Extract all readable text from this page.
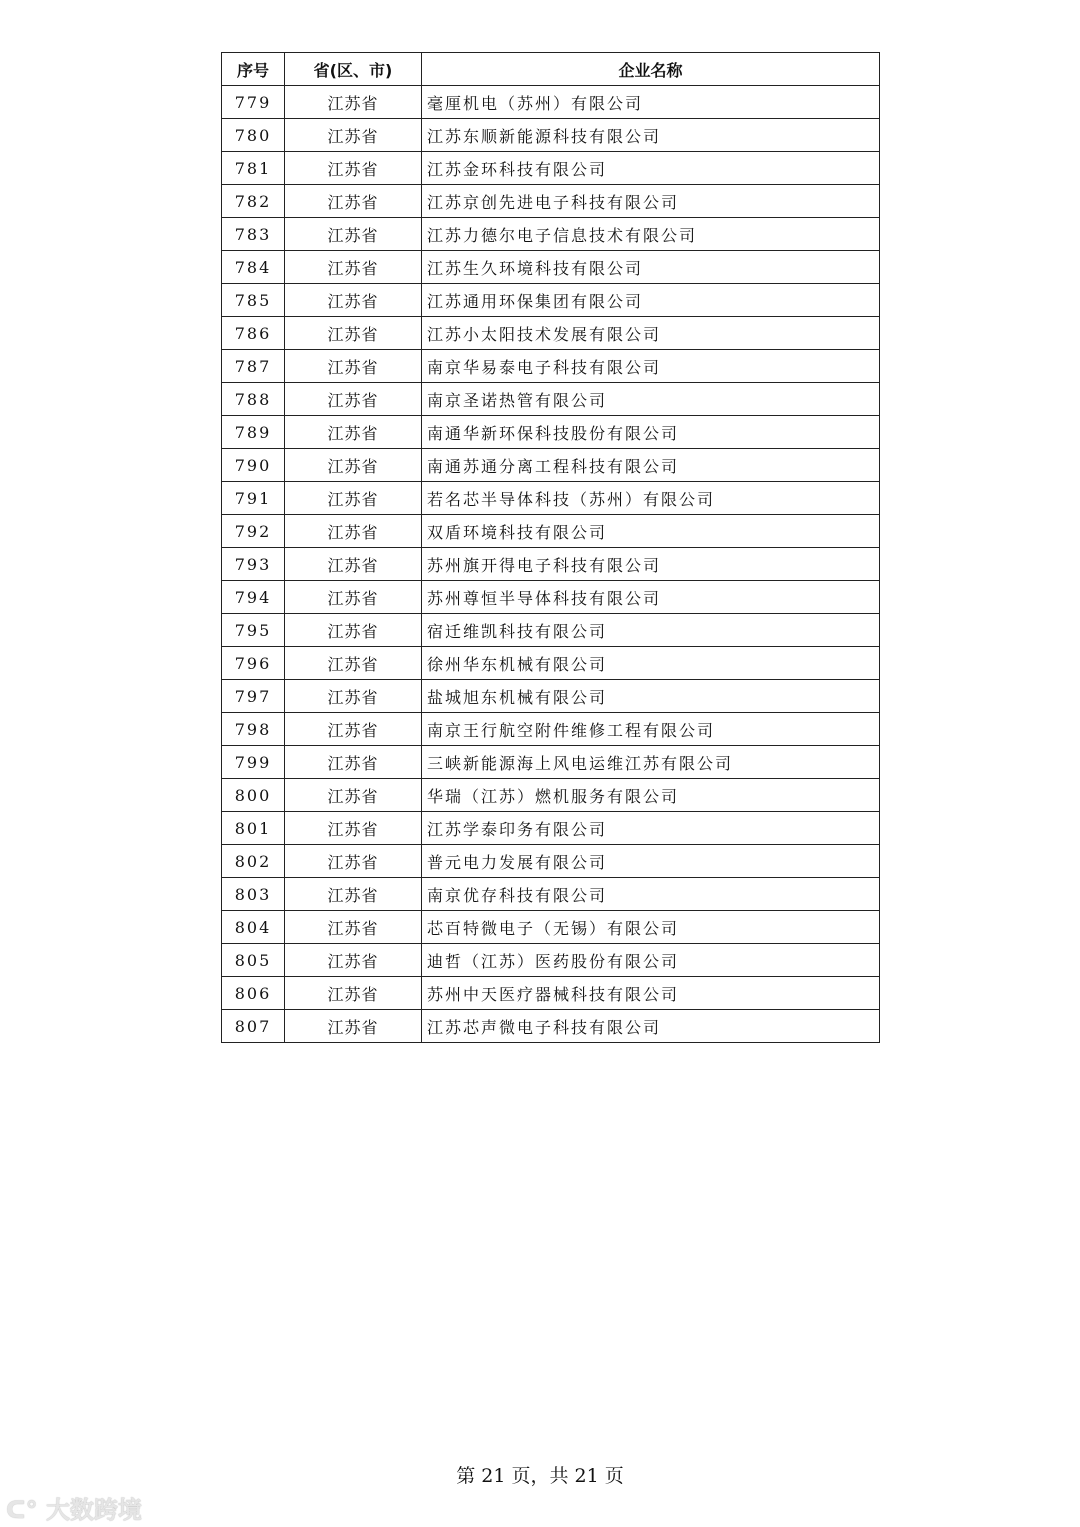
序号	省(区、市)	企业名称
779	江苏省	毫厘机电（苏州）有限公司
780	江苏省	江苏东顺新能源科技有限公司
781	江苏省	江苏金环科技有限公司
782	江苏省	江苏京创先进电子科技有限公司
783	江苏省	江苏力德尔电子信息技术有限公司
784	江苏省	江苏生久环境科技有限公司
785	江苏省	江苏通用环保集团有限公司
786	江苏省	江苏小太阳技术发展有限公司
787	江苏省	南京华易泰电子科技有限公司
788	江苏省	南京圣诺热管有限公司
789	江苏省	南通华新环保科技股份有限公司
790	江苏省	南通苏通分离工程科技有限公司
791	江苏省	若名芯半导体科技（苏州）有限公司
792	江苏省	双盾环境科技有限公司
793	江苏省	苏州旗开得电子科技有限公司
794	江苏省	苏州尊恒半导体科技有限公司
795	江苏省	宿迁维凯科技有限公司
796	江苏省	徐州华东机械有限公司
797	江苏省	盐城旭东机械有限公司
798	江苏省	南京王行航空附件维修工程有限公司
799	江苏省	三峡新能源海上风电运维江苏有限公司
800	江苏省	华瑞（江苏）燃机服务有限公司
801	江苏省	江苏学泰印务有限公司
802	江苏省	普元电力发展有限公司
803	江苏省	南京优存科技有限公司
804	江苏省	芯百特微电子（无锡）有限公司
805	江苏省	迪哲（江苏）医药股份有限公司
806	江苏省	苏州中天医疗器械科技有限公司
807	江苏省	江苏芯声微电子科技有限公司
第 21 页，共 21 页
ᑕ° 大数跨境
